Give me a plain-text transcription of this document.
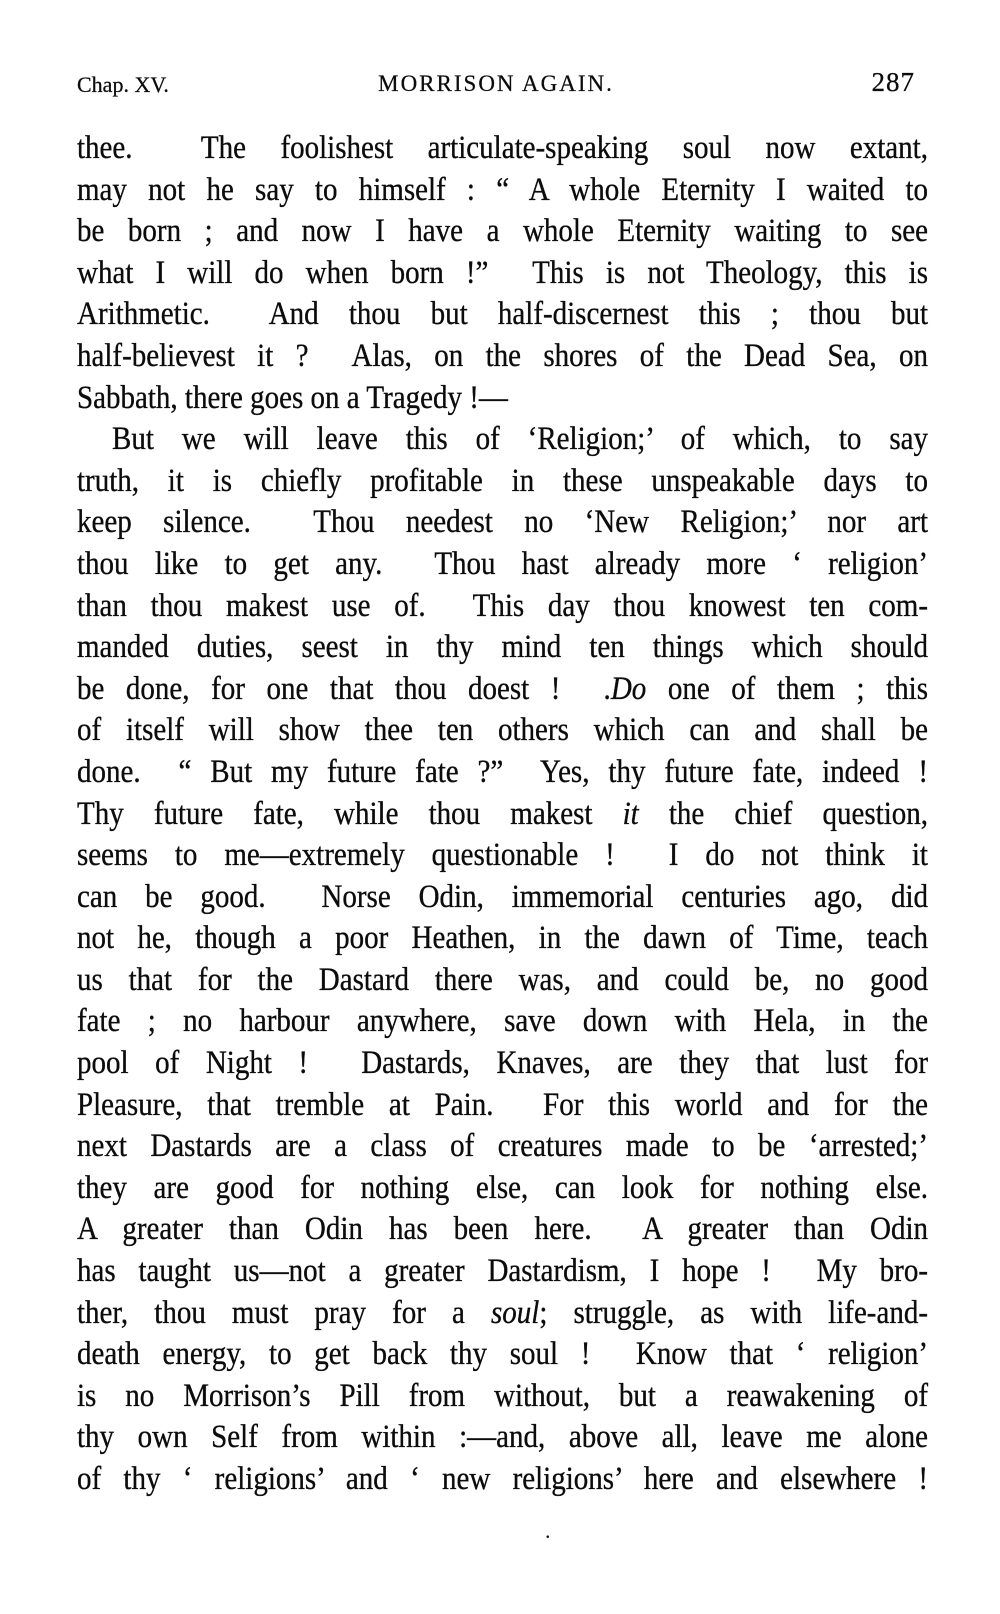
Chap. XV.	MORRISON AGAIN.	287
thee.  The foolishest articulate-speaking soul now extant,
may not he say to himself : “ A whole Eternity I waited to
be born ; and now I have a whole Eternity waiting to see
what I will do when born !”  This is not Theology, this is
Arithmetic.  And thou but half-discernest this ; thou but
half-believest it ?  Alas, on the shores of the Dead Sea, on
Sabbath, there goes on a Tragedy !—
But we will leave this of ‘Religion;’ of which, to say
truth, it is chiefly profitable in these unspeakable days to
keep silence.  Thou needest no ‘New Religion;’ nor art
thou like to get any.  Thou hast already more ‘ religion’
than thou makest use of.  This day thou knowest ten com-
manded duties, seest in thy mind ten things which should
be done, for one that thou doest !  .Do one of them ; this
of itself will show thee ten others which can and shall be
done.  “ But my future fate ?”  Yes, thy future fate, indeed !
Thy future fate, while thou makest it the chief question,
seems to me—extremely questionable !  I do not think it
can be good.  Norse Odin, immemorial centuries ago, did
not he, though a poor Heathen, in the dawn of Time, teach
us that for the Dastard there was, and could be, no good
fate ; no harbour anywhere, save down with Hela, in the
pool of Night !  Dastards, Knaves, are they that lust for
Pleasure, that tremble at Pain.  For this world and for the
next Dastards are a class of creatures made to be ‘arrested;’
they are good for nothing else, can look for nothing else.
A greater than Odin has been here.  A greater than Odin
has taught us—not a greater Dastardism, I hope !  My bro-
ther, thou must pray for a soul; struggle, as with life-and-
death energy, to get back thy soul !  Know that ‘ religion’
is no Morrison’s Pill from without, but a reawakening of
thy own Self from within :—and, above all, leave me alone
of thy ‘ religions’ and ‘ new religions’ here and elsewhere !
.
